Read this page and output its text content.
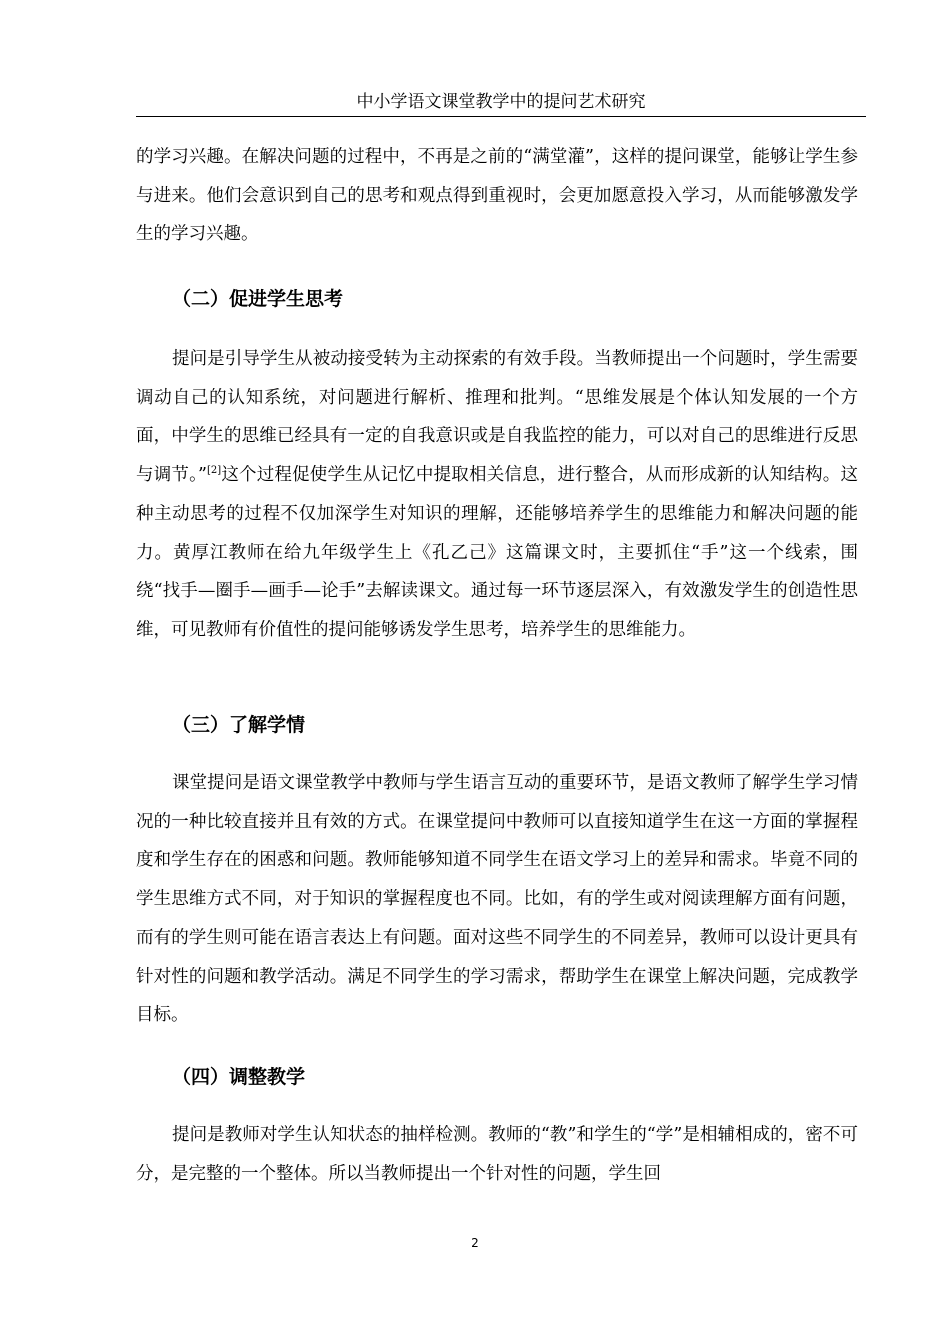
中小学语文课堂教学中的提问艺术研究

的学习兴趣。在解决问题的过程中，不再是之前的“满堂灌”，这样的提问课堂，能够让学生参与进来。他们会意识到自己的思考和观点得到重视时，会更加愿意投入学习，从而能够激发学生的学习兴趣。

（二）促进学生思考

提问是引导学生从被动接受转为主动探索的有效手段。当教师提出一个问题时，学生需要调动自己的认知系统，对问题进行解析、推理和批判。“思维发展是个体认知发展的一个方面，中学生的思维已经具有一定的自我意识或是自我监控的能力，可以对自己的思维进行反思与调节。”[2]这个过程促使学生从记忆中提取相关信息，进行整合，从而形成新的认知结构。这种主动思考的过程不仅加深学生对知识的理解，还能够培养学生的思维能力和解决问题的能力。黄厚江教师在给九年级学生上《孔乙己》这篇课文时，主要抓住“手”这一个线索，围绕“找手—圈手—画手—论手”去解读课文。通过每一环节逐层深入，有效激发学生的创造性思维，可见教师有价值性的提问能够诱发学生思考，培养学生的思维能力。

（三）了解学情

课堂提问是语文课堂教学中教师与学生语言互动的重要环节，是语文教师了解学生学习情况的一种比较直接并且有效的方式。在课堂提问中教师可以直接知道学生在这一方面的掌握程度和学生存在的困惑和问题。教师能够知道不同学生在语文学习上的差异和需求。毕竟不同的学生思维方式不同，对于知识的掌握程度也不同。比如，有的学生或对阅读理解方面有问题，而有的学生则可能在语言表达上有问题。面对这些不同学生的不同差异，教师可以设计更具有针对性的问题和教学活动。满足不同学生的学习需求，帮助学生在课堂上解决问题，完成教学目标。

（四）调整教学

提问是教师对学生认知状态的抽样检测。教师的“教”和学生的“学”是相辅相成的，密不可分，是完整的一个整体。所以当教师提出一个针对性的问题，学生回

2
